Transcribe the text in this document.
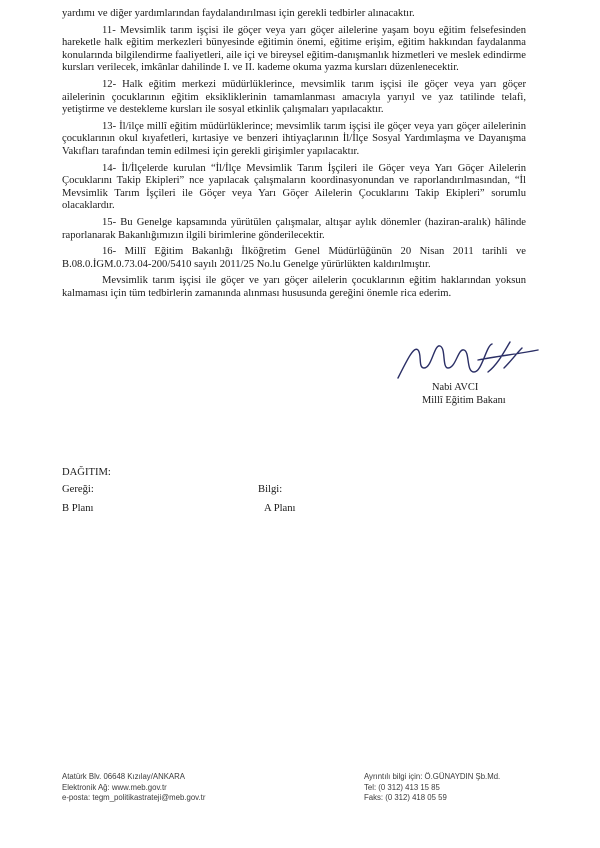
yardımı ve diğer yardımlarından faydalandırılması için gerekli tedbirler alınacaktır.

11- Mevsimlik tarım işçisi ile göçer veya yarı göçer ailelerine yaşam boyu eğitim felsefesinden hareketle halk eğitim merkezleri bünyesinde eğitimin önemi, eğitime erişim, eğitim hakkından faydalanma konularında bilgilendirme faaliyetleri, aile içi ve bireysel eğitim-danışmanlık hizmetleri ve meslek edindirme kursları verilecek, imkânlar dahilinde I. ve II. kademe okuma yazma kursları düzenlenecektir.

12- Halk eğitim merkezi müdürlüklerince, mevsimlik tarım işçisi ile göçer veya yarı göçer ailelerinin çocuklarının eğitim eksikliklerinin tamamlanması amacıyla yarıyıl ve yaz tatilinde telafi, yetiştirme ve destekleme kursları ile sosyal etkinlik çalışmaları yapılacaktır.

13- İl/ilçe millî eğitim müdürlüklerince; mevsimlik tarım işçisi ile göçer veya yarı göçer ailelerinin çocuklarının okul kıyafetleri, kırtasiye ve benzeri ihtiyaçlarının İl/İlçe Sosyal Yardımlaşma ve Dayanışma Vakıfları tarafından temin edilmesi için gerekli girişimler yapılacaktır.

14- İl/İlçelerde kurulan “İl/İlçe Mevsimlik Tarım İşçileri ile Göçer veya Yarı Göçer Ailelerin Çocuklarını Takip Ekipleri” nce yapılacak çalışmaların koordinasyonundan ve raporlandırılmasından, “İl Mevsimlik Tarım İşçileri ile Göçer veya Yarı Göçer Ailelerin Çocuklarını Takip Ekipleri” sorumlu olacaklardır.

15- Bu Genelge kapsamında yürütülen çalışmalar, altışar aylık dönemler (haziran-aralık) hâlinde raporlanarak Bakanlığımızın ilgili birimlerine gönderilecektir.

16- Millî Eğitim Bakanlığı İlköğretim Genel Müdürlüğünün 20 Nisan 2011 tarihli ve B.08.0.İGM.0.73.04-200/5410 sayılı 2011/25 No.lu Genelge yürürlükten kaldırılmıştır.

Mevsimlik tarım işçisi ile göçer ve yarı göçer ailelerin çocuklarının eğitim haklarından yoksun kalmaması için tüm tedbirlerin zamanında alınması hususunda gereğini önemle rica ederim.

Nabi AVCI
Millî Eğitim Bakanı
DAĞITIM:
Gereği:	Bilgi:
B Planı	A Planı
Atatürk Blv. 06648 Kızılay/ANKARA
Elektronik Ağ: www.meb.gov.tr
e-posta: tegm_politikastrateji@meb.gov.tr
Ayrıntılı bilgi için: Ö.GÜNAYDIN Şb.Md.
Tel: (0 312) 413 15 85
Faks: (0 312) 418 05 59
